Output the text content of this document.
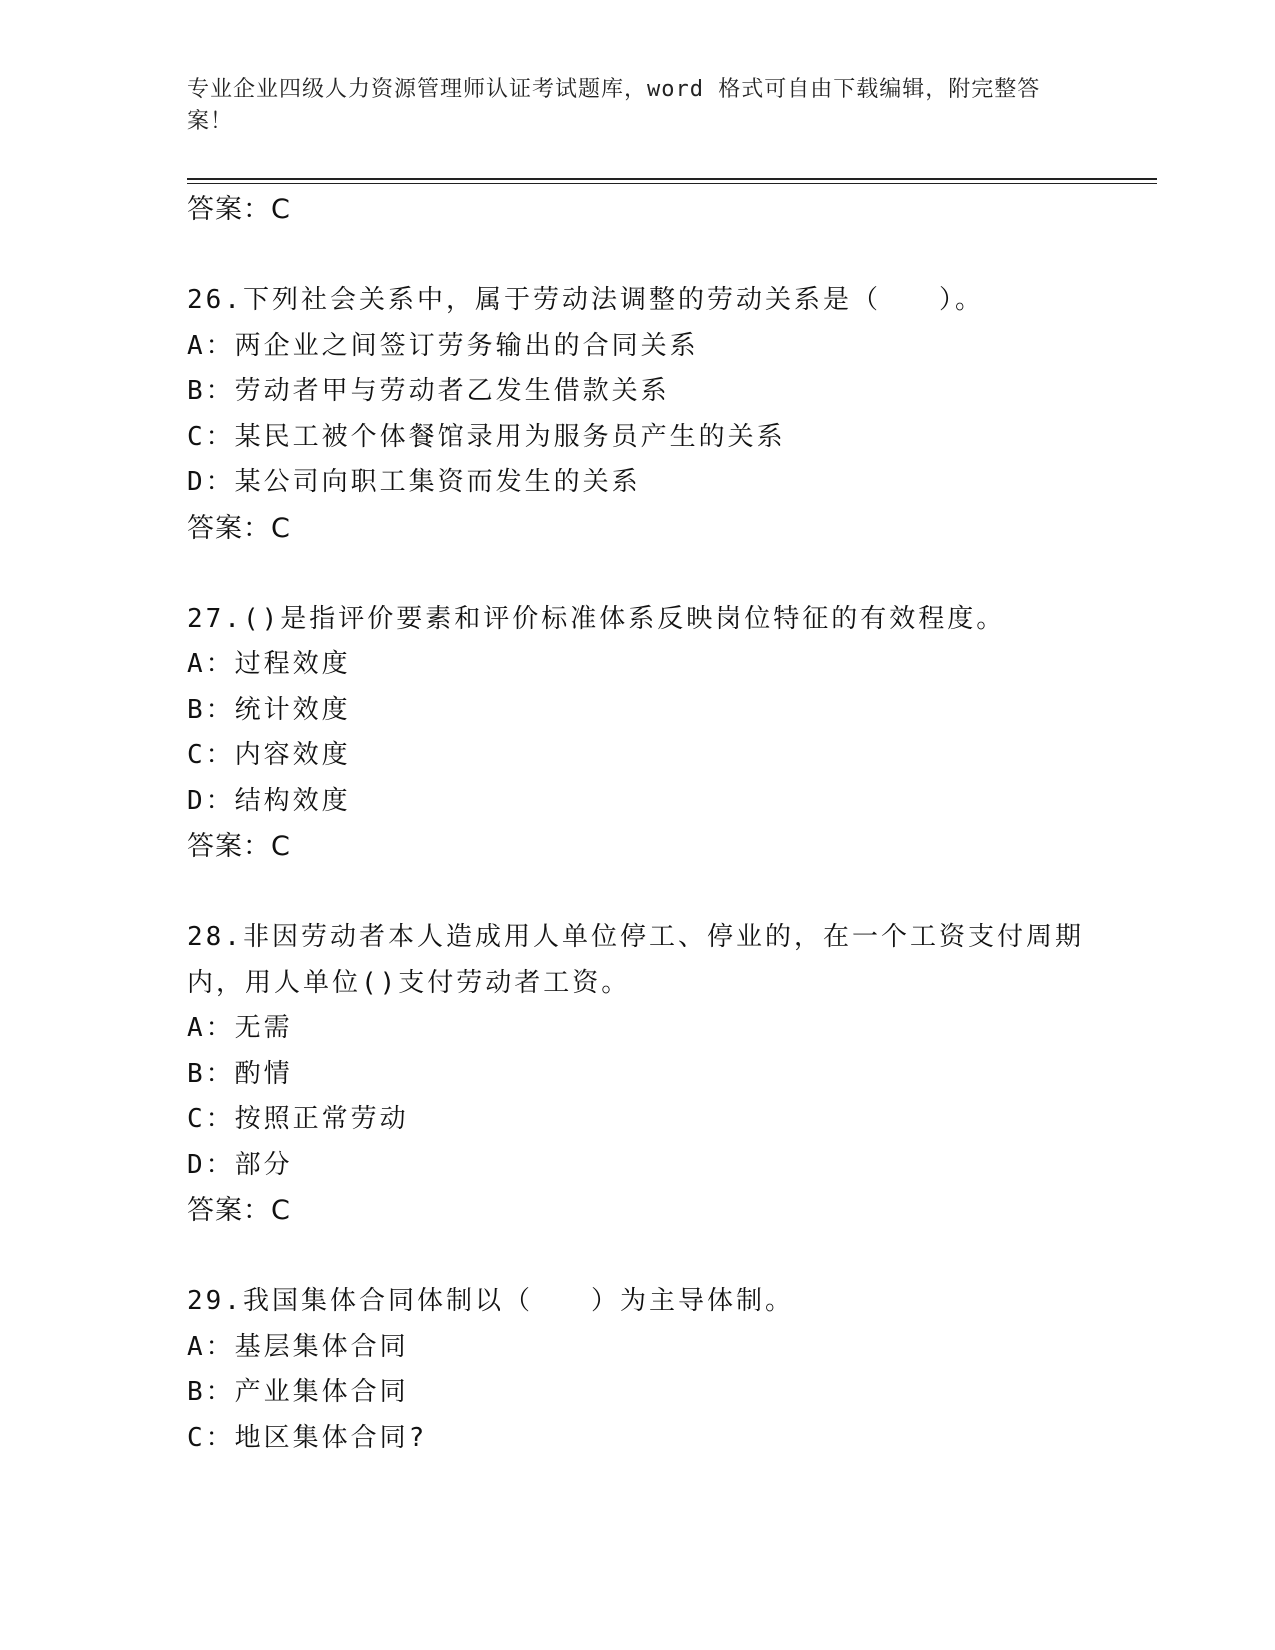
专业企业四级人力资源管理师认证考试题库，word 格式可自由下载编辑，附完整答案！
答案：C
26.下列社会关系中，属于劳动法调整的劳动关系是（　　）。
A：两企业之间签订劳务输出的合同关系
B：劳动者甲与劳动者乙发生借款关系
C：某民工被个体餐馆录用为服务员产生的关系
D：某公司向职工集资而发生的关系
答案：C
27.()是指评价要素和评价标准体系反映岗位特征的有效程度。
A：过程效度
B：统计效度
C：内容效度
D：结构效度
答案：C
28.非因劳动者本人造成用人单位停工、停业的，在一个工资支付周期
内，用人单位()支付劳动者工资。
A：无需
B：酌情
C：按照正常劳动
D：部分
答案：C
29.我国集体合同体制以（　　）为主导体制。
A：基层集体合同
B：产业集体合同
C：地区集体合同?
